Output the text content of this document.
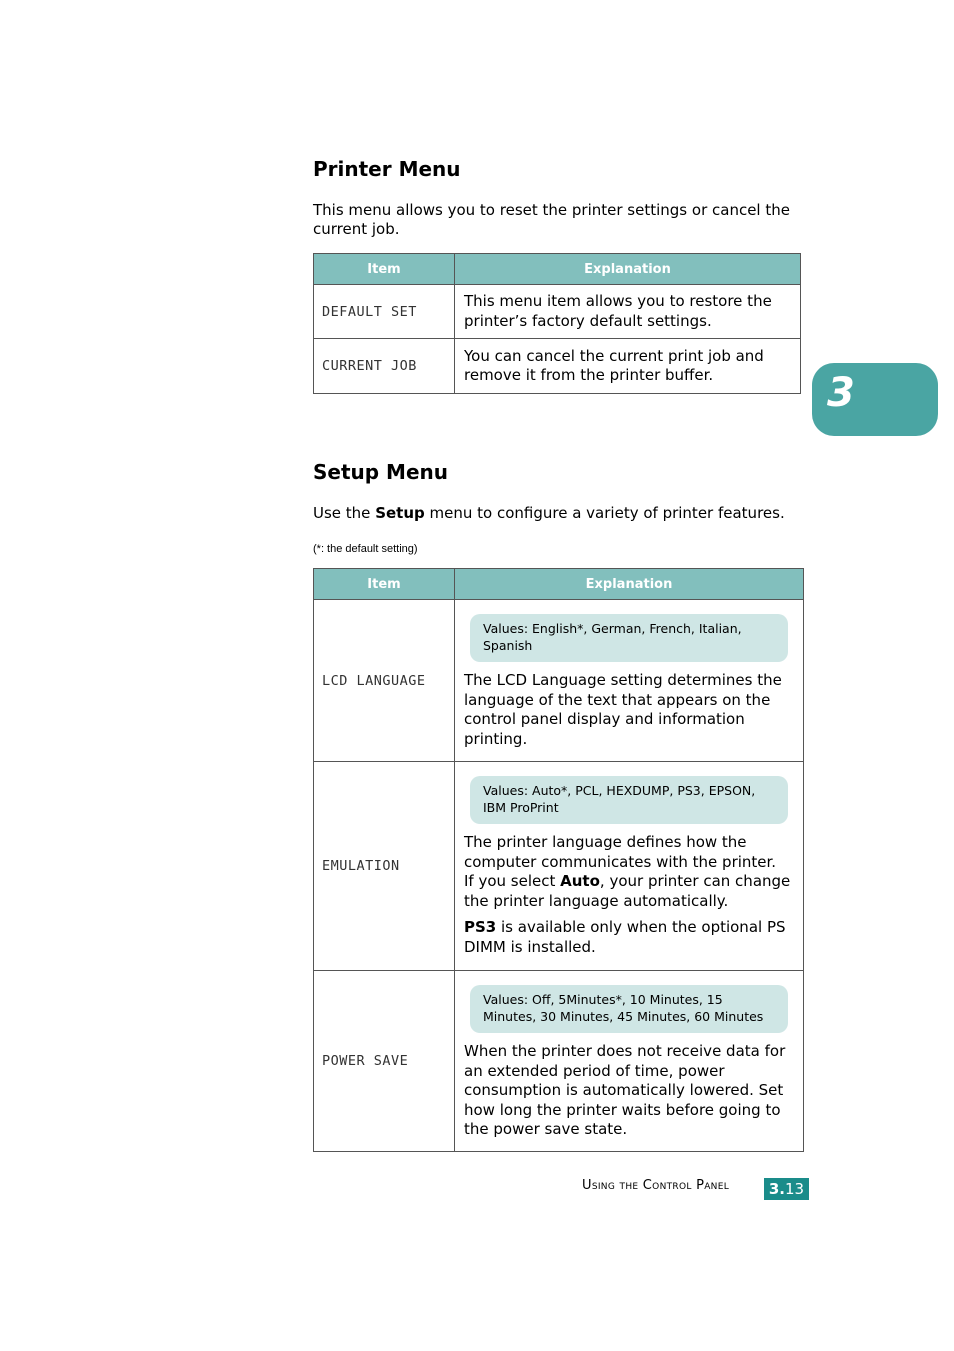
Printer Menu
This menu allows you to reset the printer settings or cancel the current job.
Item	Explanation
DEFAULT SET	This menu item allows you to restore the printer’s factory default settings.
CURRENT JOB	You can cancel the current print job and remove it from the printer buffer.	3
Setup Menu
Use the Setup menu to configure a variety of printer features.
(*: the default setting)
Item	Explanation
LCD LANGUAGE	Values: English*, German, French, Italian, Spanish
The LCD Language setting determines the language of the text that appears on the control panel display and information printing.

EMULATION	Values: Auto*, PCL, HEXDUMP, PS3, EPSON, IBM ProPrint
The printer language defines how the computer communicates with the printer.
If you select Auto, your printer can change the printer language automatically.
PS3 is available only when the optional PS DIMM is installed.

POWER SAVE	Values: Off, 5Minutes*, 10 Minutes, 15 Minutes, 30 Minutes, 45 Minutes, 60 Minutes
When the printer does not receive data for an extended period of time, power consumption is automatically lowered. Set how long the printer waits before going to the power save state.
Using the Control Panel	3.13
